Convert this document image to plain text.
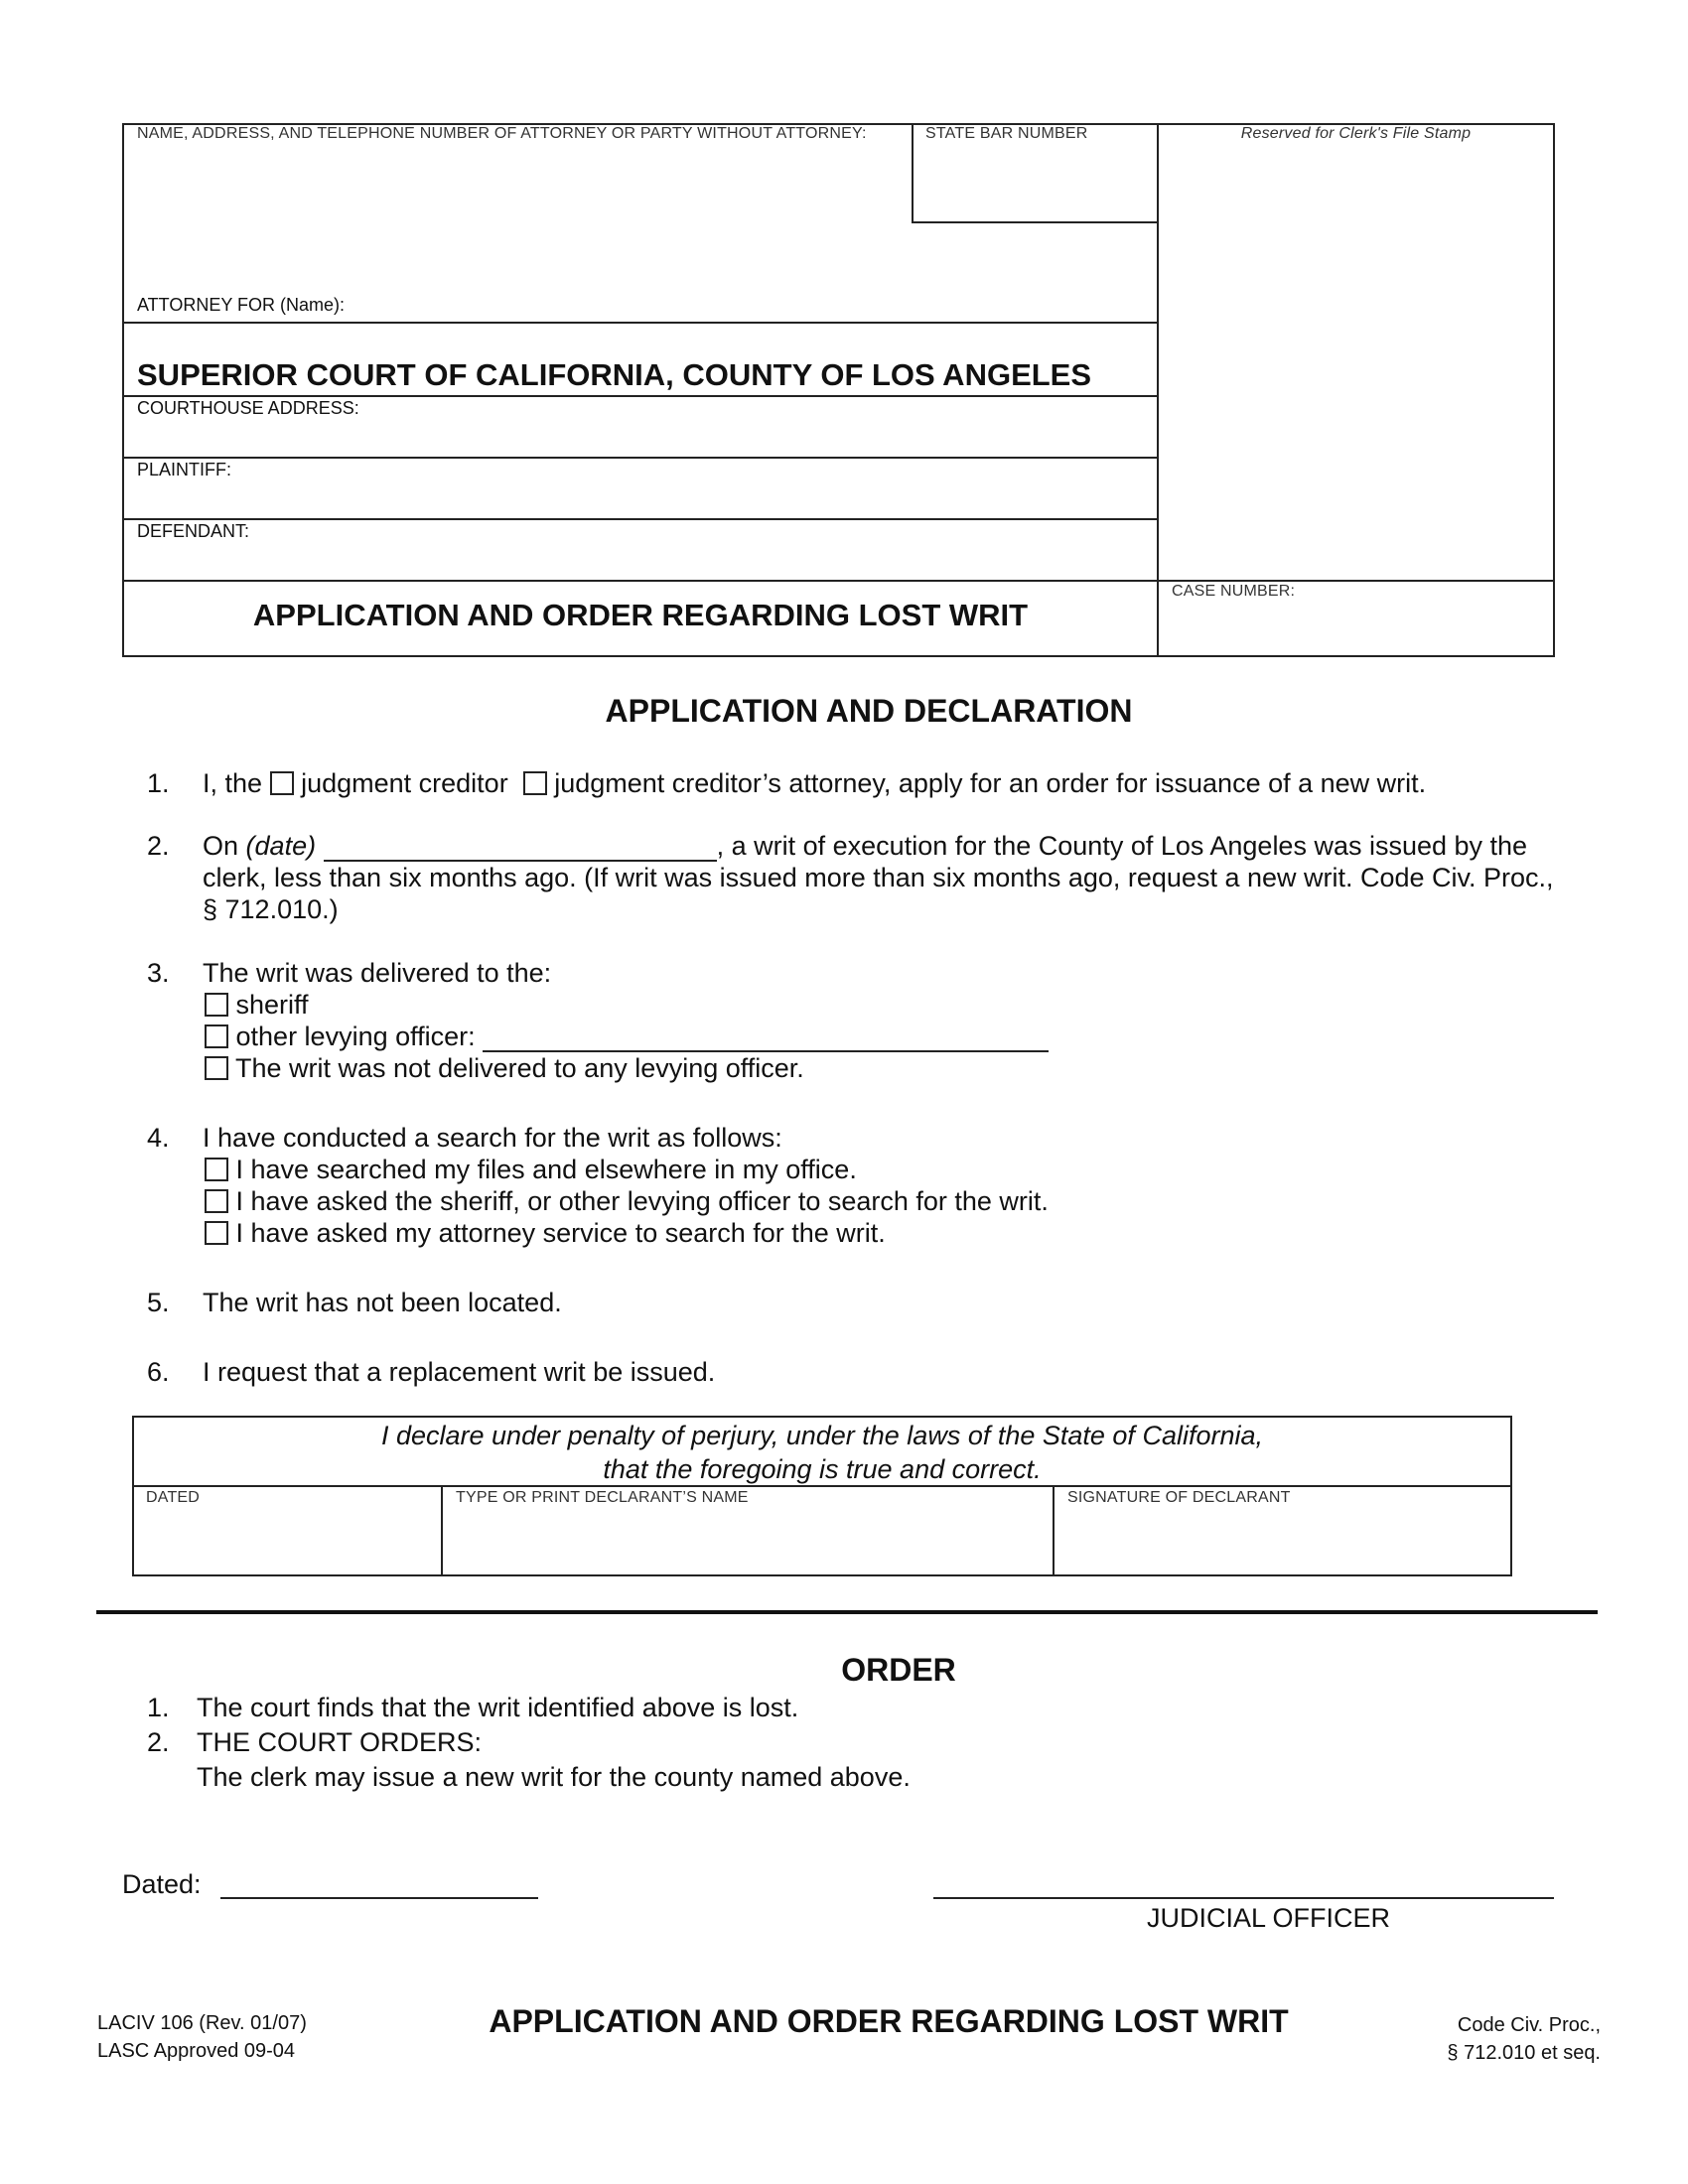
NAME, ADDRESS, AND TELEPHONE NUMBER OF ATTORNEY OR PARTY WITHOUT ATTORNEY:	STATE BAR NUMBER	Reserved for Clerk's File Stamp
ATTORNEY FOR (Name):
SUPERIOR COURT OF CALIFORNIA, COUNTY OF LOS ANGELES
COURTHOUSE ADDRESS:
PLAINTIFF:
DEFENDANT:
APPLICATION AND ORDER REGARDING LOST WRIT
CASE NUMBER:
APPLICATION AND DECLARATION
1. I, the judgment creditor judgment creditor’s attorney, apply for an order for issuance of a new writ.
2. On (date)	, a writ of execution for the County of Los Angeles was issued by the
clerk, less than six months ago. (If writ was issued more than six months ago, request a new writ. Code Civ. Proc.,
§ 712.010.)
3. The writ was delivered to the:
sheriff
other levying officer:
The writ was not delivered to any levying officer.
4. I have conducted a search for the writ as follows:
I have searched my files and elsewhere in my office.
I have asked the sheriff, or other levying officer to search for the writ.
I have asked my attorney service to search for the writ.
5. The writ has not been located.
6. I request that a replacement writ be issued.
I declare under penalty of perjury, under the laws of the State of California,
that the foregoing is true and correct.
DATED	TYPE OR PRINT DECLARANT’S NAME	SIGNATURE OF DECLARANT
ORDER
1. The court finds that the writ identified above is lost.
2. THE COURT ORDERS:
The clerk may issue a new writ for the county named above.
Dated:
JUDICIAL OFFICER
LACIV 106 (Rev. 01/07)
LASC Approved 09-04
APPLICATION AND ORDER REGARDING LOST WRIT	Code Civ. Proc.,
§ 712.010 et seq.
